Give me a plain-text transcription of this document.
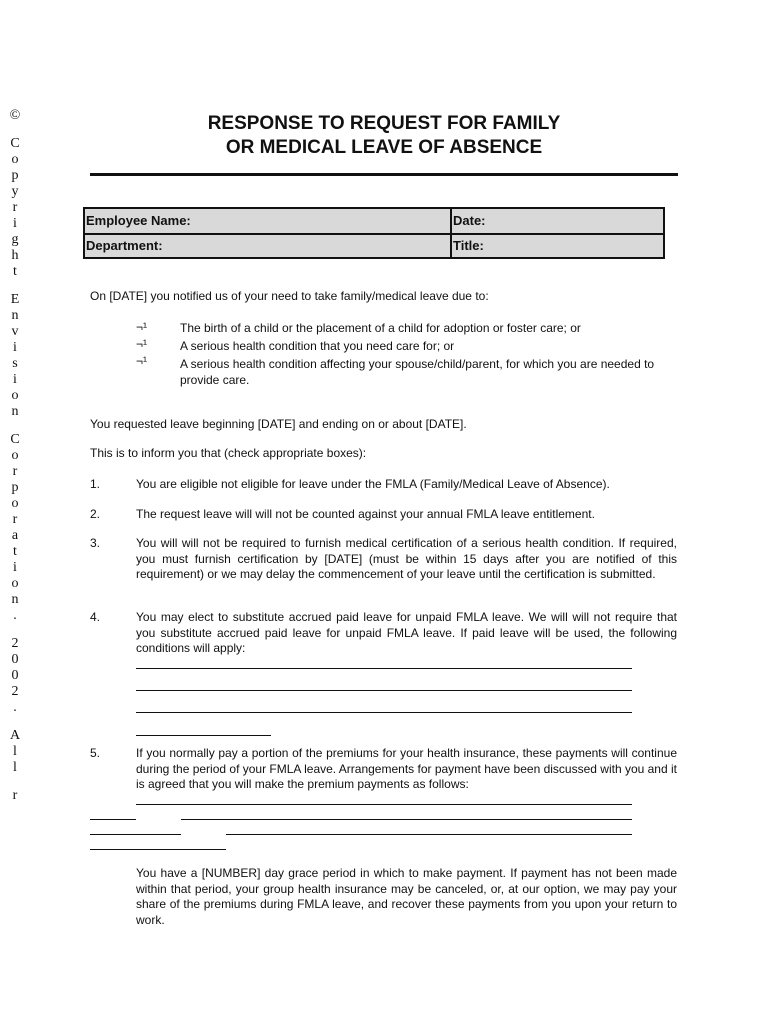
©
C
o
p
y
r
i
g
h
t
E
n
v
i
s
i
o
n
C
o
r
p
o
r
a
t
i
o
n
.
2
0
0
2
.
A
l
l
r
RESPONSE TO REQUEST FOR FAMILY
OR MEDICAL LEAVE OF ABSENCE
Employee Name:	Date:
Department:	Title:
On [DATE] you notified us of your need to take family/medical leave due to:
¬¹	The birth of a child or the placement of a child for adoption or foster care; or
¬¹	A serious health condition that you need care for; or
¬¹	A serious health condition affecting your spouse/child/parent, for which you are needed to provide care.
You requested leave beginning [DATE] and ending on or about [DATE].
This is to inform you that (check appropriate boxes):
1.	You are eligible not eligible for leave under the FMLA (Family/Medical Leave of Absence).
2.	The request leave will will not be counted against your annual FMLA leave entitlement.
3.	You will will not be required to furnish medical certification of a serious health condition. If required, you must furnish certification by [DATE] (must be within 15 days after you are notified of this requirement) or we may delay the commencement of your leave until the certification is submitted.
4.	You may elect to substitute accrued paid leave for unpaid FMLA leave. We will will not require that you substitute accrued paid leave for unpaid FMLA leave. If paid leave will be used, the following conditions will apply:
5.	If you normally pay a portion of the premiums for your health insurance, these payments will continue during the period of your FMLA leave. Arrangements for payment have been discussed with you and it is agreed that you will make the premium payments as follows:
You have a [NUMBER] day grace period in which to make payment. If payment has not been made within that period, your group health insurance may be canceled, or, at our option, we may pay your share of the premiums during FMLA leave, and recover these payments from you upon your return to work.
